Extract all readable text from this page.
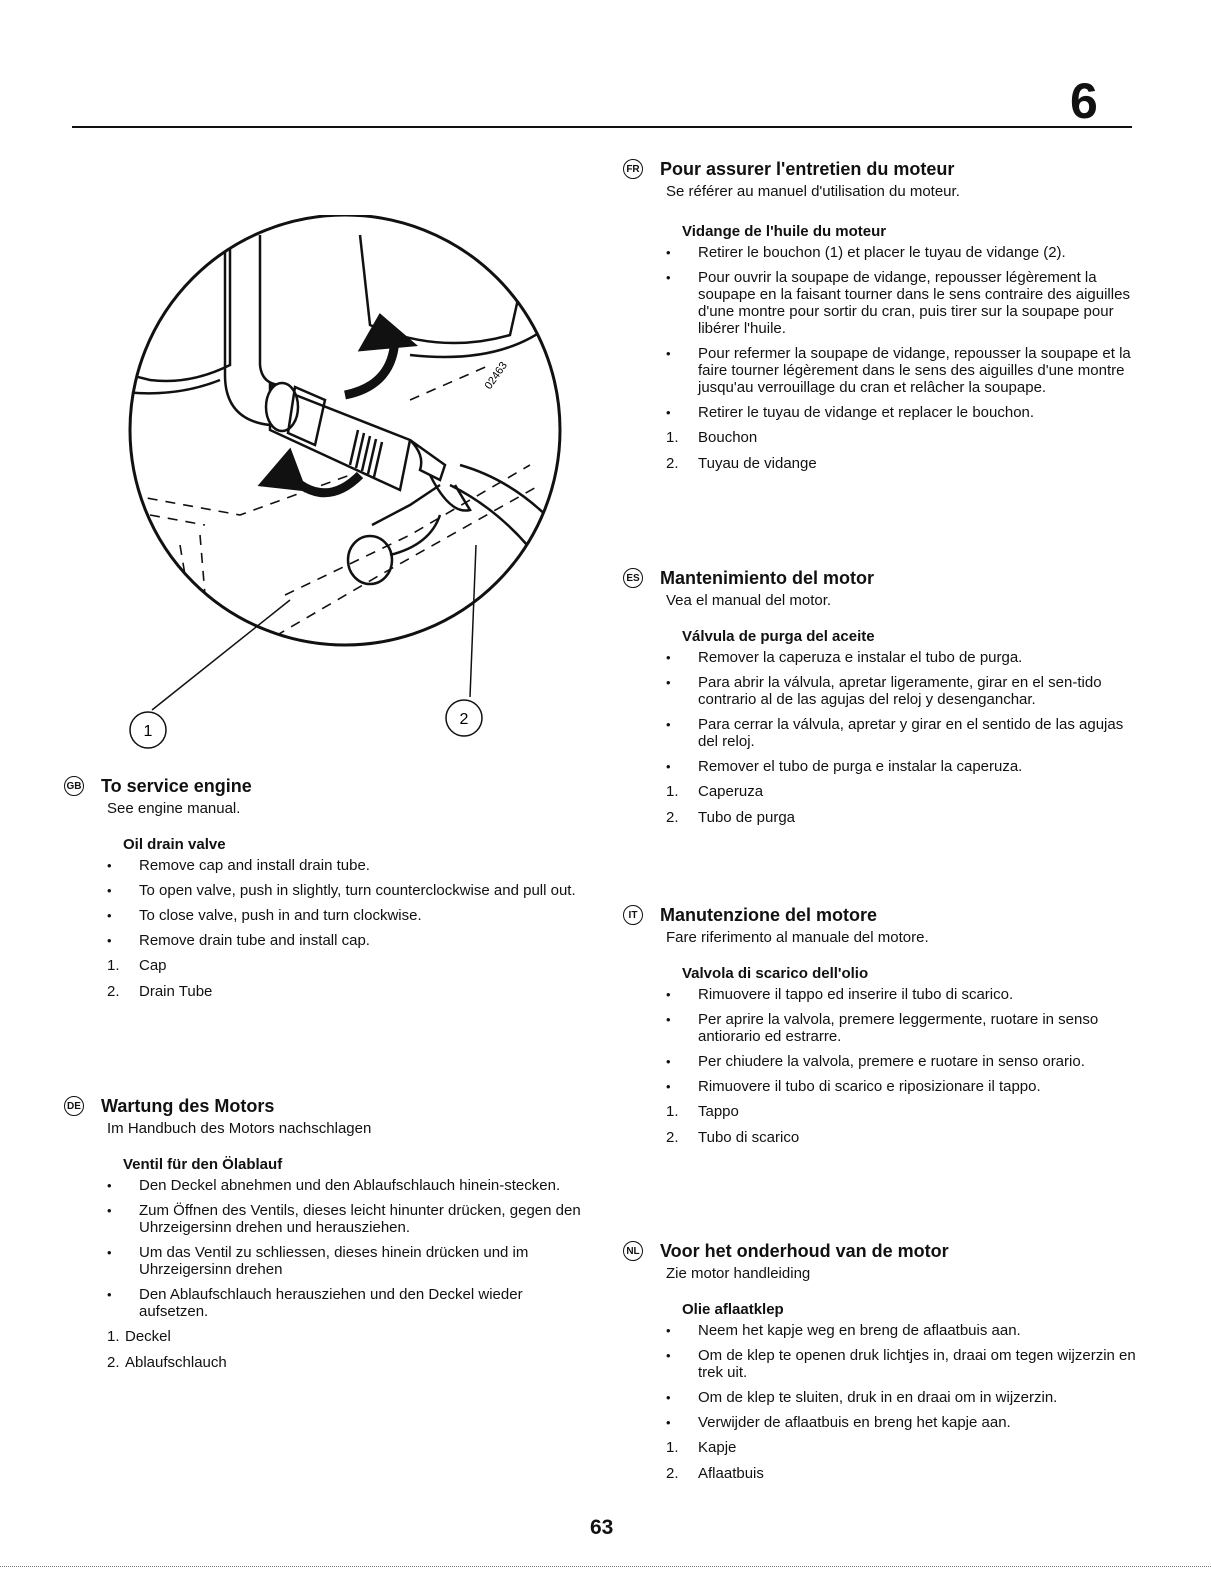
6
02463
1
2
GB To service engine
See engine manual.
Oil drain valve
• Remove cap and install drain tube.
• To open valve, push in slightly, turn counterclockwise and pull out.
• To close valve, push in and turn clockwise.
• Remove drain tube and install cap.
1.	Cap
2.	Drain Tube
DE Wartung des Motors
Im Handbuch des Motors nachschlagen
Ventil für den Ölablauf
• Den Deckel abnehmen und den Ablaufschlauch hinein-stecken.
• Zum Öffnen des Ventils, dieses leicht hinunter drücken, gegen den Uhrzeigersinn drehen und herausziehen.
• Um das Ventil zu schliessen, dieses hinein drücken und im Uhrzeigersinn drehen
• Den Ablaufschlauch herausziehen und den Deckel wieder aufsetzen.
1. Deckel
2. Ablaufschlauch
FR Pour assurer l'entretien du moteur
Se référer au manuel d'utilisation du moteur.
Vidange de l'huile du moteur
• Retirer le bouchon (1) et placer le tuyau de vidange (2).
• Pour ouvrir la soupape de vidange, repousser légèrement la soupape en la faisant tourner dans le sens contraire des aiguilles d'une montre pour sortir du cran, puis tirer sur la soupape pour libérer l'huile.
• Pour refermer la soupape de vidange, repousser la soupape et la faire tourner légèrement dans le sens des aiguilles d'une montre jusqu'au verrouillage du cran et relâcher la soupape.
• Retirer le tuyau de vidange et replacer le bouchon.
1.	Bouchon
2.	Tuyau de vidange
ES Mantenimiento del motor
Vea el manual del motor.
Válvula de purga del aceite
• Remover la caperuza e instalar el tubo de purga.
• Para abrir la válvula, apretar ligeramente, girar en el sen-tido contrario al de las agujas del reloj y desenganchar.
• Para cerrar la válvula, apretar y girar en el sentido de las agujas del reloj.
• Remover el tubo de purga e instalar la caperuza.
1.	Caperuza
2.	Tubo de purga
IT	Manutenzione del motore
Fare riferimento al manuale del motore.
Valvola di scarico dell'olio
• Rimuovere il tappo ed inserire il tubo di scarico.
• Per aprire la valvola, premere leggermente, ruotare in senso antiorario ed estrarre.
• Per chiudere la valvola, premere e ruotare in senso orario.
• Rimuovere il tubo di scarico e riposizionare il tappo.
1.	Tappo
2.	Tubo di scarico
NL Voor het onderhoud van de motor
Zie motor handleiding
Olie aflaatklep
• Neem het kapje weg en breng de aflaatbuis aan.
• Om de klep te openen druk lichtjes in, draai om tegen wijzerzin en trek uit.
• Om de klep te sluiten, druk in en draai om in wijzerzin.
• Verwijder de aflaatbuis en breng het kapje aan.
1.	Kapje
2.	Aflaatbuis
63
